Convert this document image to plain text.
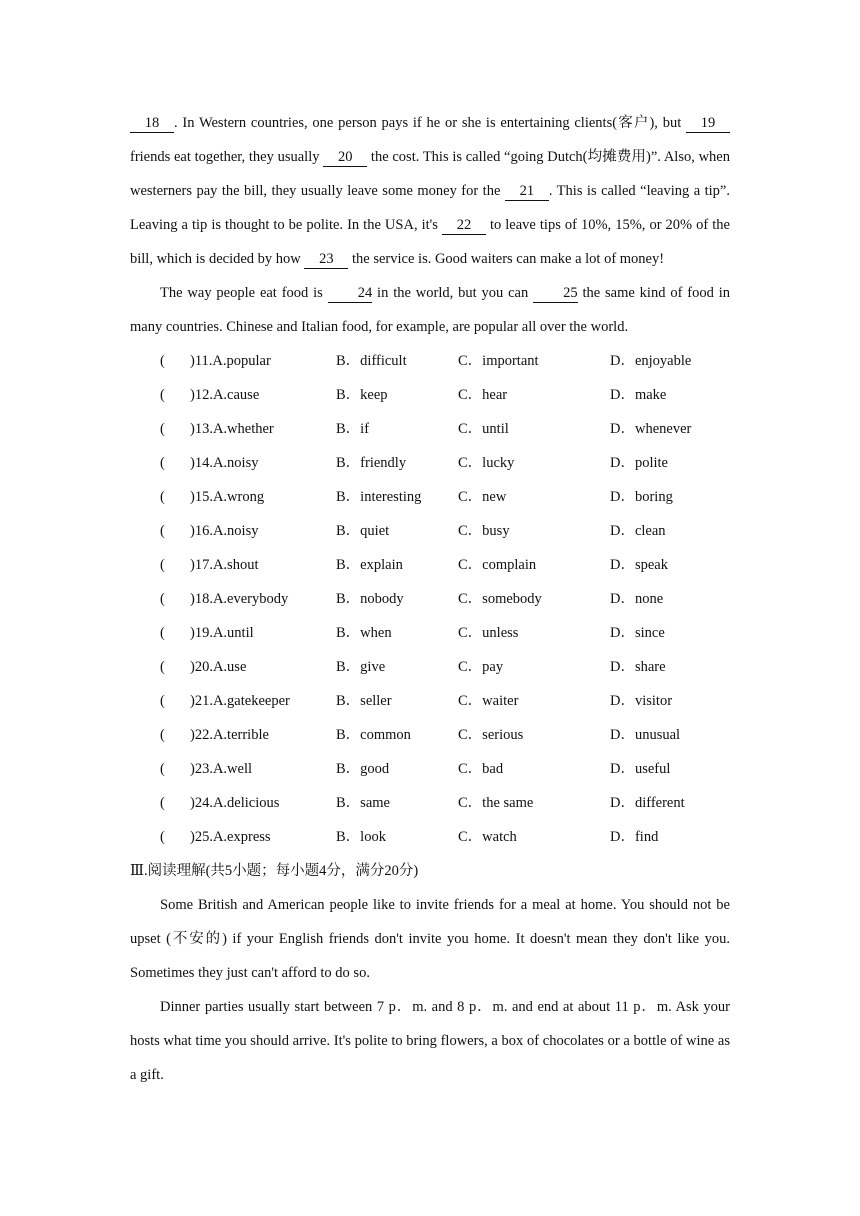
18 . In Western countries, one person pays if he or she is entertaining clients(客户), but 19 friends eat together, they usually 20 the cost. This is called “going Dutch(均摊费用)”. Also, when westerners pay the bill, they usually leave some money for the 21 . This is called “leaving a tip”. Leaving a tip is thought to be polite. In the USA, it's 22 to leave tips of 10%, 15%, or 20% of the bill, which is decided by how 23 the service is. Good waiters can make a lot of money!

The way people eat food is 24 in the world, but you can 25 the same kind of food in many countries. Chinese and Italian food, for example, are popular all over the world.

(	)11.A.popular	B．difficult	C．important	D．enjoyable
(	)12.A.cause	B．keep	C．hear	D．make
(	)13.A.whether	B．if	C．until	D．whenever
(	)14.A.noisy	B．friendly	C．lucky	D．polite
(	)15.A.wrong	B．interesting	C．new	D．boring
(	)16.A.noisy	B．quiet	C．busy	D．clean
(	)17.A.shout	B．explain	C．complain	D．speak
(	)18.A.everybody	B．nobody	C．somebody	D．none
(	)19.A.until	B．when	C．unless	D．since
(	)20.A.use	B．give	C．pay	D．share
(	)21.A.gatekeeper	B．seller	C．waiter	D．visitor
(	)22.A.terrible	B．common	C．serious	D．unusual
(	)23.A.well	B．good	C．bad	D．useful
(	)24.A.delicious	B．same	C．the same	D．different
(	)25.A.express	B．look	C．watch	D．find

Ⅲ.阅读理解(共5小题；每小题4分，满分20分)

Some British and American people like to invite friends for a meal at home. You should not be upset (不安的) if your English friends don't invite you home. It doesn't mean they don't like you. Sometimes they just can't afford to do so.

Dinner parties usually start between 7 p．m. and 8 p．m. and end at about 11 p．m. Ask your hosts what time you should arrive. It's polite to bring flowers, a box of chocolates or a bottle of wine as a gift.
